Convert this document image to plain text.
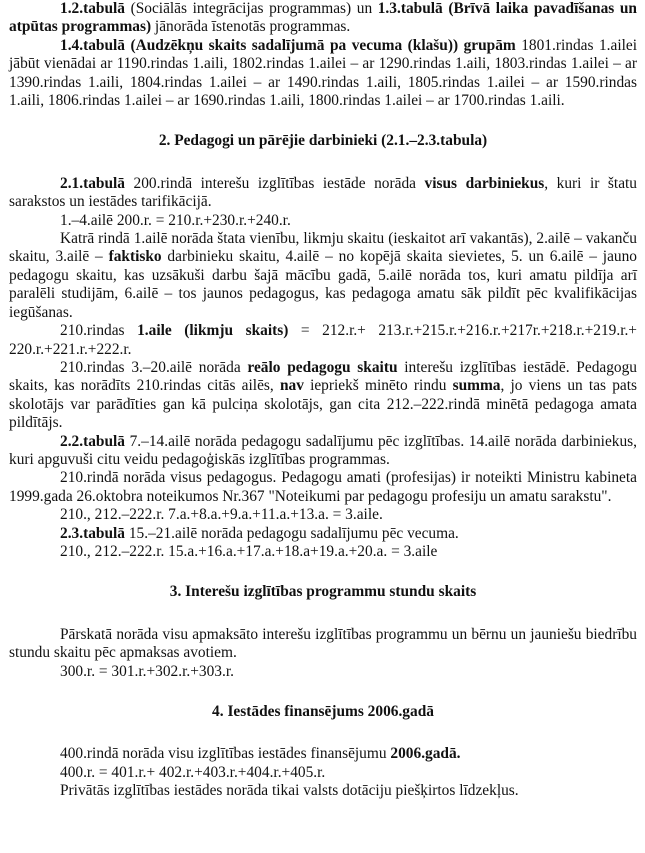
1.2.tabulā (Sociālās integrācijas programmas) un 1.3.tabulā (Brīvā laika pavadīšanas un atpūtas programmas) jānorāda īstenotās programmas.

1.4.tabulā (Audzēkņu skaits sadalījumā pa vecuma (klašu)) grupām 1801.rindas 1.ailei jābūt vienādai ar 1190.rindas 1.aili, 1802.rindas 1.ailei – ar 1290.rindas 1.aili, 1803.rindas 1.ailei – ar 1390.rindas 1.aili, 1804.rindas 1.ailei – ar 1490.rindas 1.aili, 1805.rindas 1.ailei – ar 1590.rindas 1.aili, 1806.rindas 1.ailei – ar 1690.rindas 1.aili, 1800.rindas 1.ailei – ar 1700.rindas 1.aili.

2. Pedagogi un pārējie darbinieki (2.1.–2.3.tabula)

2.1.tabulā 200.rindā interešu izglītības iestāde norāda visus darbiniekus, kuri ir štatu sarakstos un iestādes tarifikācijā.

1.–4.ailē 200.r. = 210.r.+230.r.+240.r.

Katrā rindā 1.ailē norāda štata vienību, likmju skaitu (ieskaitot arī vakantās), 2.ailē – vakanču skaitu, 3.ailē – faktisko darbinieku skaitu, 4.ailē – no kopējā skaita sievietes, 5. un 6.ailē – jauno pedagogu skaitu, kas uzsākuši darbu šajā mācību gadā, 5.ailē norāda tos, kuri amatu pildīja arī paralēli studijām, 6.ailē – tos jaunos pedagogus, kas pedagoga amatu sāk pildīt pēc kvalifikācijas iegūšanas.

210.rindas 1.aile (likmju skaits) = 212.r.+ 213.r.+215.r.+216.r.+217r.+218.r.+219.r.+ 220.r.+221.r.+222.r.

210.rindas 3.–20.ailē norāda reālo pedagogu skaitu interešu izglītības iestādē. Pedagogu skaits, kas norādīts 210.rindas citās ailēs, nav iepriekš minēto rindu summa, jo viens un tas pats skolotājs var parādīties gan kā pulciņa skolotājs, gan cita 212.–222.rindā minētā pedagoga amata pildītājs.

2.2.tabulā 7.–14.ailē norāda pedagogu sadalījumu pēc izglītības. 14.ailē norāda darbiniekus, kuri apguvuši citu veidu pedagoģiskās izglītības programmas.

210.rindā norāda visus pedagogus. Pedagogu amati (profesijas) ir noteikti Ministru kabineta 1999.gada 26.oktobra noteikumos Nr.367 "Noteikumi par pedagogu profesiju un amatu sarakstu".

210., 212.–222.r. 7.a.+8.a.+9.a.+11.a.+13.a. = 3.aile.

2.3.tabulā 15.–21.ailē norāda pedagogu sadalījumu pēc vecuma.

210., 212.–222.r. 15.a.+16.a.+17.a.+18.a+19.a.+20.a. = 3.aile

3. Interešu izglītības programmu stundu skaits

Pārskatā norāda visu apmaksāto interešu izglītības programmu un bērnu un jauniešu biedrību stundu skaitu pēc apmaksas avotiem.

300.r. = 301.r.+302.r.+303.r.

4. Iestādes finansējums 2006.gadā

400.rindā norāda visu izglītības iestādes finansējumu 2006.gadā.

400.r. = 401.r.+ 402.r.+403.r.+404.r.+405.r.

Privātās izglītības iestādes norāda tikai valsts dotāciju piešķirtos līdzekļus.
